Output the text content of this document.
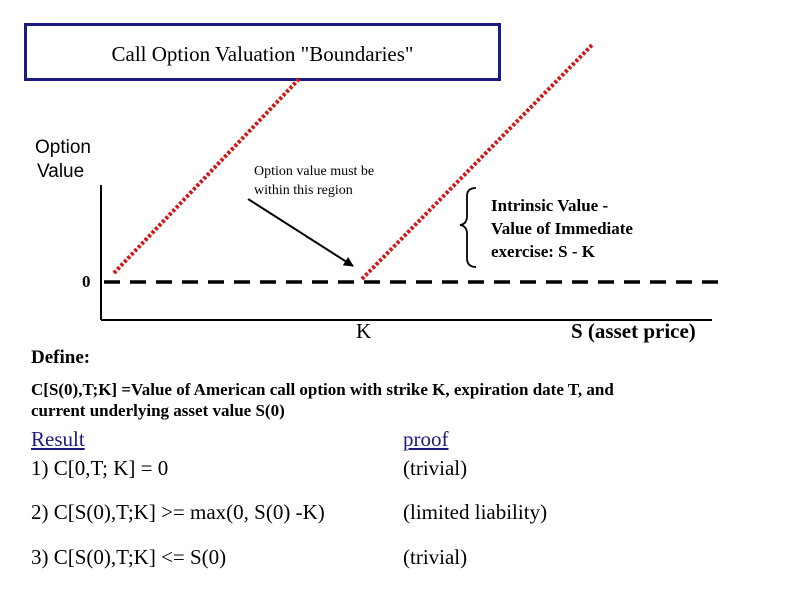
Call Option Valuation "Boundaries"
Option
Value
0
K	S (asset price)
Option value must be
within this region
Intrinsic Value -
Value of Immediate
exercise: S - K
Define:
C[S(0),T;K] =Value of American call option with strike K, expiration date T, and
current underlying asset value S(0)
Result	proof
1) C[0,T; K] = 0	(trivial)
2) C[S(0),T;K] >= max(0, S(0) -K)	(limited liability)
3) C[S(0),T;K] <= S(0)	(trivial)
